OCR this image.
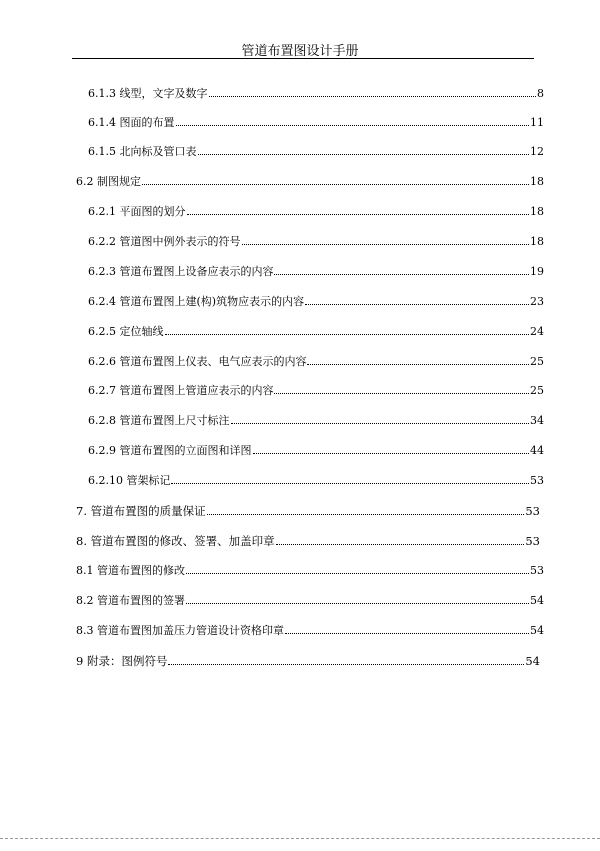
管道布置图设计手册
6.1.3 线型，文字及数字	8
6.1.4 图面的布置	11
6.1.5 北向标及管口表	12
6.2 制图规定	18
6.2.1 平面图的划分	18
6.2.2 管道图中例外表示的符号	18
6.2.3 管道布置图上设备应表示的内容	19
6.2.4 管道布置图上建(构)筑物应表示的内容	23
6.2.5 定位轴线	24
6.2.6 管道布置图上仪表、电气应表示的内容	25
6.2.7 管道布置图上管道应表示的内容	25
6.2.8 管道布置图上尺寸标注	34
6.2.9 管道布置图的立面图和详图	44
6.2.10 管架标记	53
7. 管道布置图的质量保证	53
8. 管道布置图的修改、签署、加盖印章	53
8.1 管道布置图的修改	53
8.2 管道布置图的签署	54
8.3 管道布置图加盖压力管道设计资格印章	54
9 附录：图例符号	54
